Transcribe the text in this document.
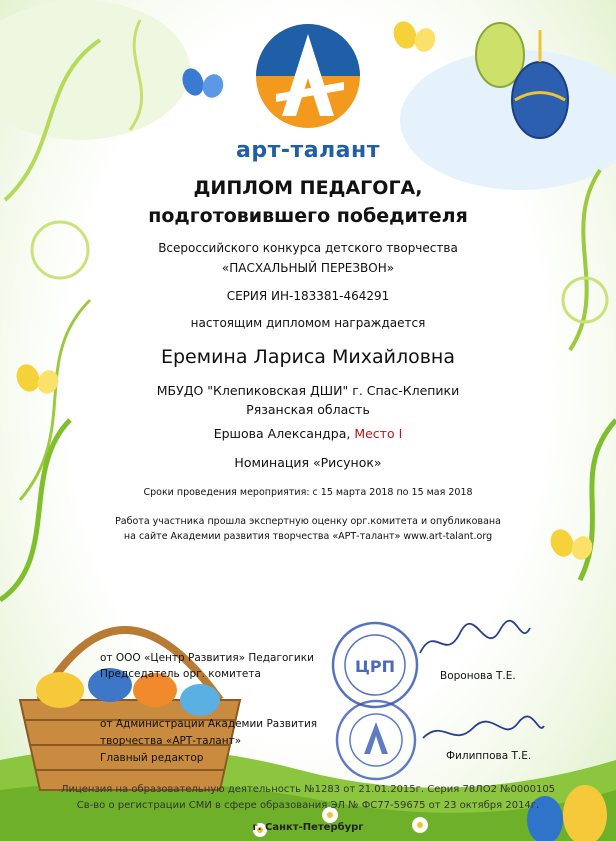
арт-талант
ДИПЛОМ ПЕДАГОГА,
подготовившего победителя
Всероссийского конкурса детского творчества
«ПАСХАЛЬНЫЙ ПЕРЕЗВОН»
СЕРИЯ ИН-183381-464291
настоящим дипломом награждается
Еремина Лариса Михайловна
МБУДО "Клепиковская ДШИ" г. Спас-Клепики Рязанская область
Ершова Александра, Место I
Номинация «Рисунок»
Сроки проведения мероприятия: с 15 марта 2018 по 15 мая 2018
Работа участника прошла экспертную оценку орг.комитета и опубликована
на сайте Академии развития творчества «АРТ-талант» www.art-talant.org
ЦРП
от ООО «Центр Развития» Педагогики
Председатель орг. комитета	Воронова Т.Е.
от Администрации Академии Развития
творчества «АРТ-талант»
Главный редактор	Филиппова Т.Е.
Лицензия на образовательную деятельность №1283 от 21.01.2015г. Серия 78ЛО2 №0000105
Св-во о регистрации СМИ в сфере образования ЭЛ № ФС77-59675 от 23 октября 2014г.
г. Санкт-Петербург
